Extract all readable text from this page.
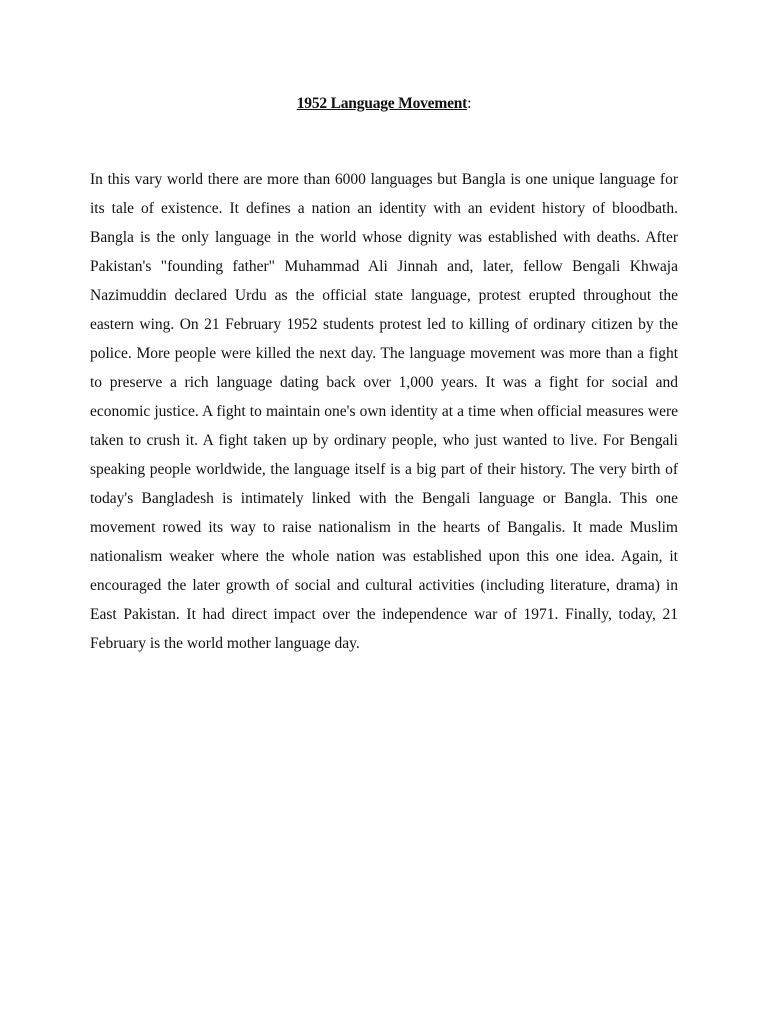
1952 Language Movement:

In this vary world there are more than 6000 languages but Bangla is one unique language for its tale of existence. It defines a nation an identity with an evident history of bloodbath. Bangla is the only language in the world whose dignity was established with deaths. After Pakistan's "founding father" Muhammad Ali Jinnah and, later, fellow Bengali Khwaja Nazimuddin declared Urdu as the official state language, protest erupted throughout the eastern wing. On 21 February 1952 students protest led to killing of ordinary citizen by the police. More people were killed the next day. The language movement was more than a fight to preserve a rich language dating back over 1,000 years. It was a fight for social and economic justice. A fight to maintain one's own identity at a time when official measures were taken to crush it. A fight taken up by ordinary people, who just wanted to live. For Bengali speaking people worldwide, the language itself is a big part of their history. The very birth of today's Bangladesh is intimately linked with the Bengali language or Bangla. This one movement rowed its way to raise nationalism in the hearts of Bangalis. It made Muslim nationalism weaker where the whole nation was established upon this one idea. Again, it encouraged the later growth of social and cultural activities (including literature, drama) in East Pakistan. It had direct impact over the independence war of 1971. Finally, today, 21 February is the world mother language day.
